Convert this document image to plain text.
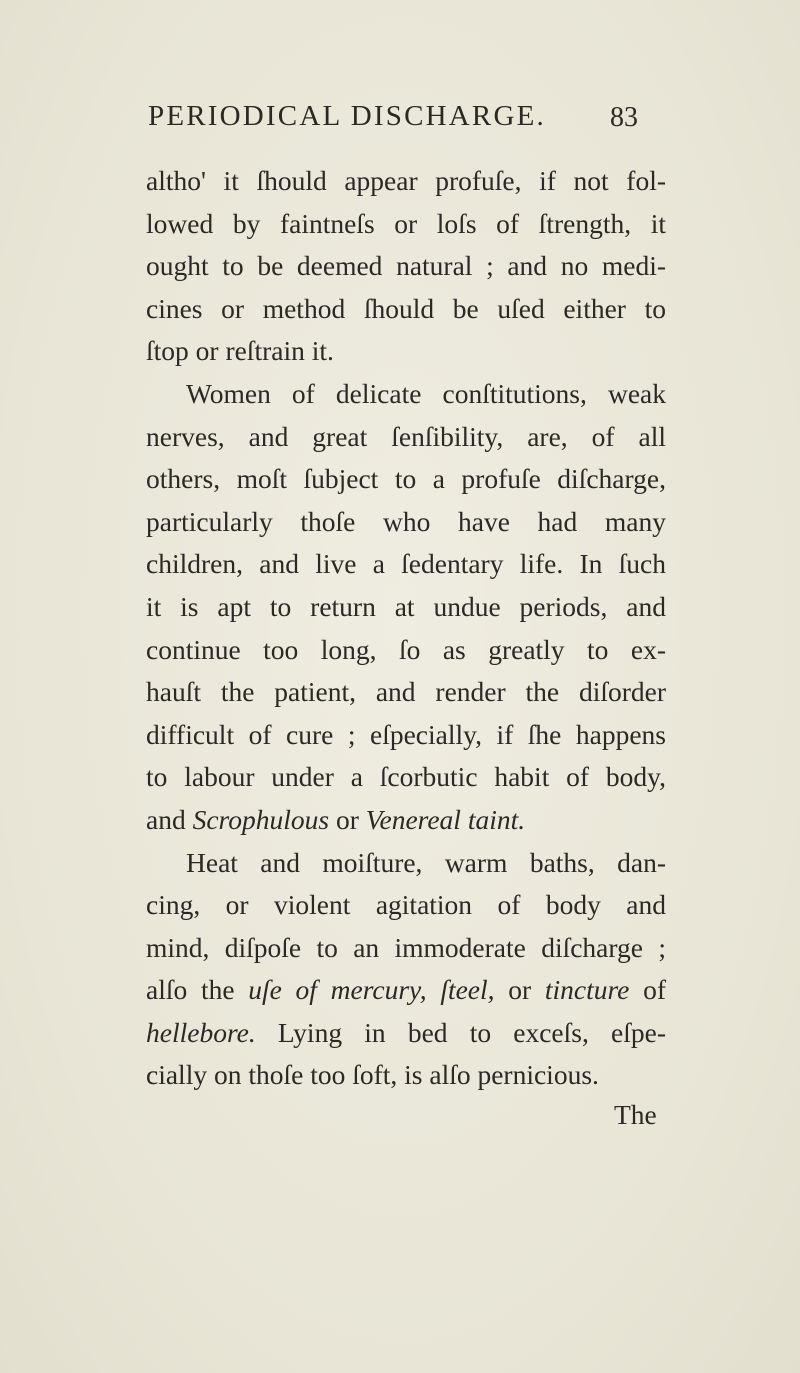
PERIODICAL DISCHARGE. 83
altho' it ſhould appear profuſe, if not fol-
lowed by faintneſs or loſs of ſtrength, it
ought to be deemed natural ; and no medi-
cines or method ſhould be uſed either to
ſtop or reſtrain it.
Women of delicate conſtitutions, weak
nerves, and great ſenſibility, are, of all
others, moſt ſubject to a profuſe diſcharge,
particularly thoſe who have had many
children, and live a ſedentary life. In ſuch
it is apt to return at undue periods, and
continue too long, ſo as greatly to ex-
hauſt the patient, and render the diſorder
difficult of cure ; eſpecially, if ſhe happens
to labour under a ſcorbutic habit of body,
and Scrophulous or Venereal taint.
Heat and moiſture, warm baths, dan-
cing, or violent agitation of body and
mind, diſpoſe to an immoderate diſcharge ;
alſo the uſe of mercury, ſteel, or tincture of
hellebore. Lying in bed to exceſs, eſpe-
cially on thoſe too ſoft, is alſo pernicious.
The
